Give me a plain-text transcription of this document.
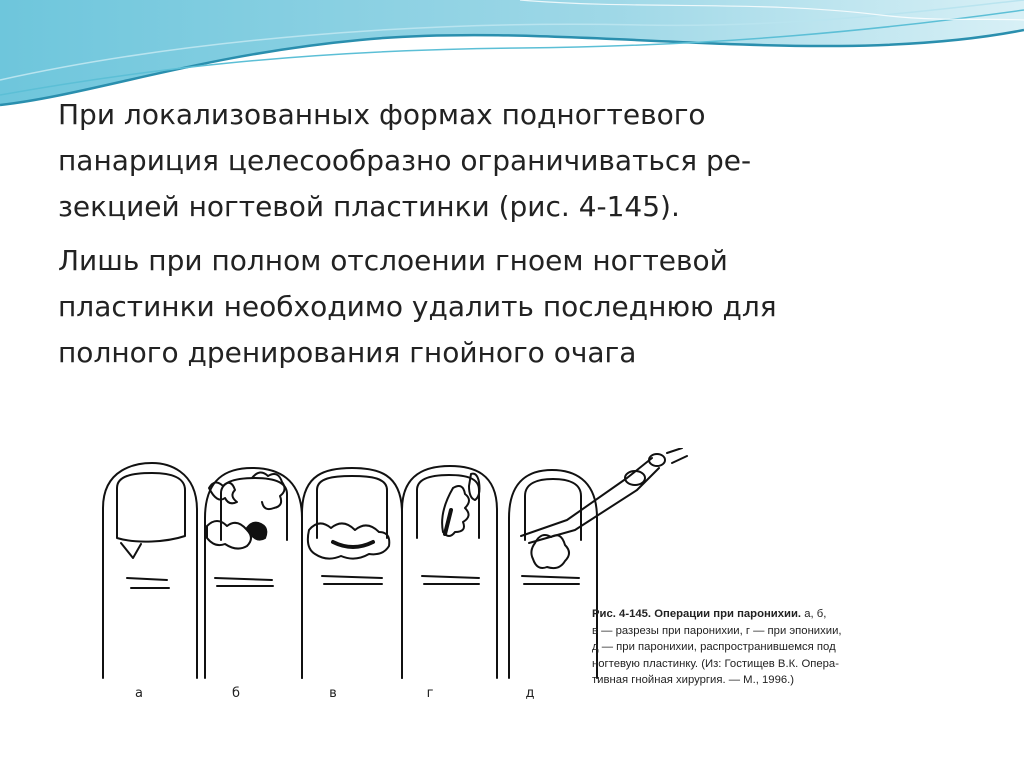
При локализованных формах подногтевого
панариция целесообразно ограничиваться ре-
зекцией ногтевой пластинки (рис. 4-145).

Лишь при полном отслоении гноем ногтевой
пластинки необходимо удалить последнюю для
полного дренирования гнойного очага

а	б	в	г	д

Рис. 4-145. Операции при паронихии. а, б,
в — разрезы при паронихии, г — при эпонихии,
д — при паронихии, распространившемся под
ногтевую пластинку. (Из: Гостищев В.К. Опера-
тивная гнойная хирургия. — М., 1996.)
